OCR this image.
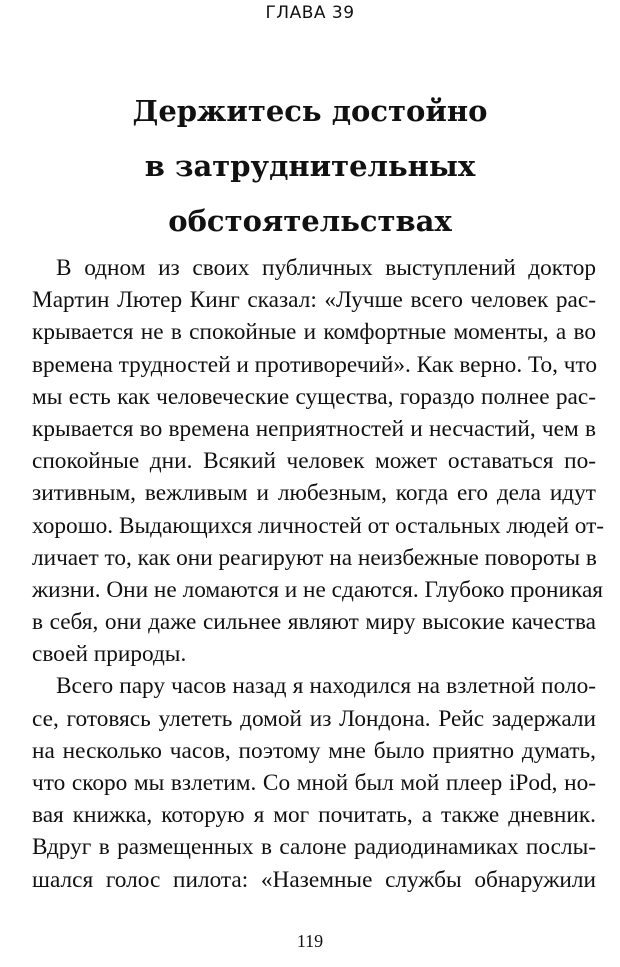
ГЛАВА 39
Держитесь достойно
в затруднительных обстоятельствах
В одном из своих публичных выступлений доктор
Мартин Лютер Кинг сказал: «Лучше всего человек рас-
крывается не в спокойные и комфортные моменты, а во
времена трудностей и противоречий». Как верно. То, что
мы есть как человеческие существа, гораздо полнее рас-
крывается во времена неприятностей и несчастий, чем в
спокойные дни. Всякий человек может оставаться по-
зитивным, вежливым и любезным, когда его дела идут
хорошо. Выдающихся личностей от остальных людей от-
личает то, как они реагируют на неизбежные повороты в
жизни. Они не ломаются и не сдаются. Глубоко проникая
в себя, они даже сильнее являют миру высокие качества
своей природы.
Всего пару часов назад я находился на взлетной поло-
се, готовясь улететь домой из Лондона. Рейс задержали
на несколько часов, поэтому мне было приятно думать,
что скоро мы взлетим. Со мной был мой плеер iPod, но-
вая книжка, которую я мог почитать, а также дневник.
Вдруг в размещенных в салоне радиодинамиках послы-
шался голос пилота: «Наземные службы обнаружили
119
